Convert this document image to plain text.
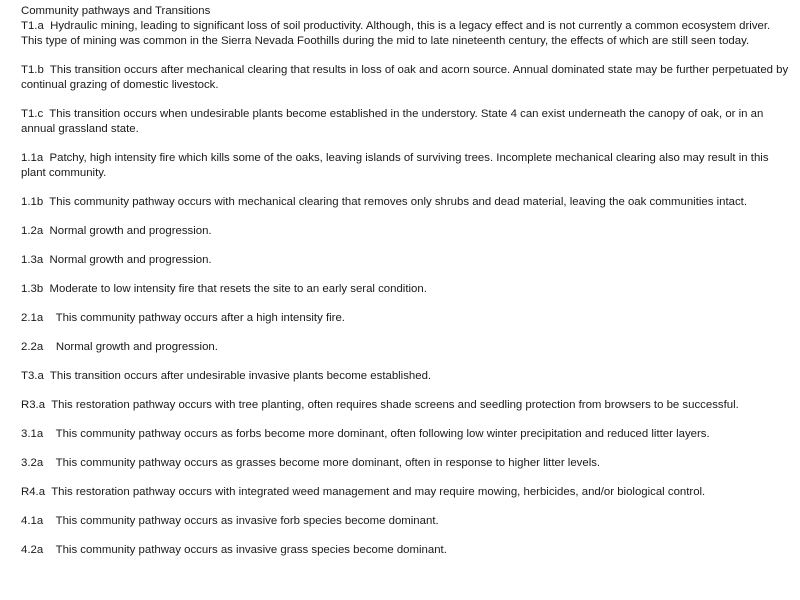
Community pathways and Transitions

T1.a Hydraulic mining, leading to significant loss of soil productivity. Although, this is a legacy effect and is not currently a common ecosystem driver. This type of mining was common in the Sierra Nevada Foothills during the mid to late nineteenth century, the effects of which are still seen today.

T1.b This transition occurs after mechanical clearing that results in loss of oak and acorn source. Annual dominated state may be further perpetuated by continual grazing of domestic livestock.

T1.c This transition occurs when undesirable plants become established in the understory. State 4 can exist underneath the canopy of oak, or in an annual grassland state.

1.1a Patchy, high intensity fire which kills some of the oaks, leaving islands of surviving trees. Incomplete mechanical clearing also may result in this plant community.

1.1b This community pathway occurs with mechanical clearing that removes only shrubs and dead material, leaving the oak communities intact.

1.2a Normal growth and progression.

1.3a Normal growth and progression.

1.3b Moderate to low intensity fire that resets the site to an early seral condition.

2.1a This community pathway occurs after a high intensity fire.

2.2a Normal growth and progression.

T3.a This transition occurs after undesirable invasive plants become established.

R3.a This restoration pathway occurs with tree planting, often requires shade screens and seedling protection from browsers to be successful.

3.1a This community pathway occurs as forbs become more dominant, often following low winter precipitation and reduced litter layers.

3.2a This community pathway occurs as grasses become more dominant, often in response to higher litter levels.

R4.a This restoration pathway occurs with integrated weed management and may require mowing, herbicides, and/or biological control.

4.1a This community pathway occurs as invasive forb species become dominant.

4.2a This community pathway occurs as invasive grass species become dominant.
